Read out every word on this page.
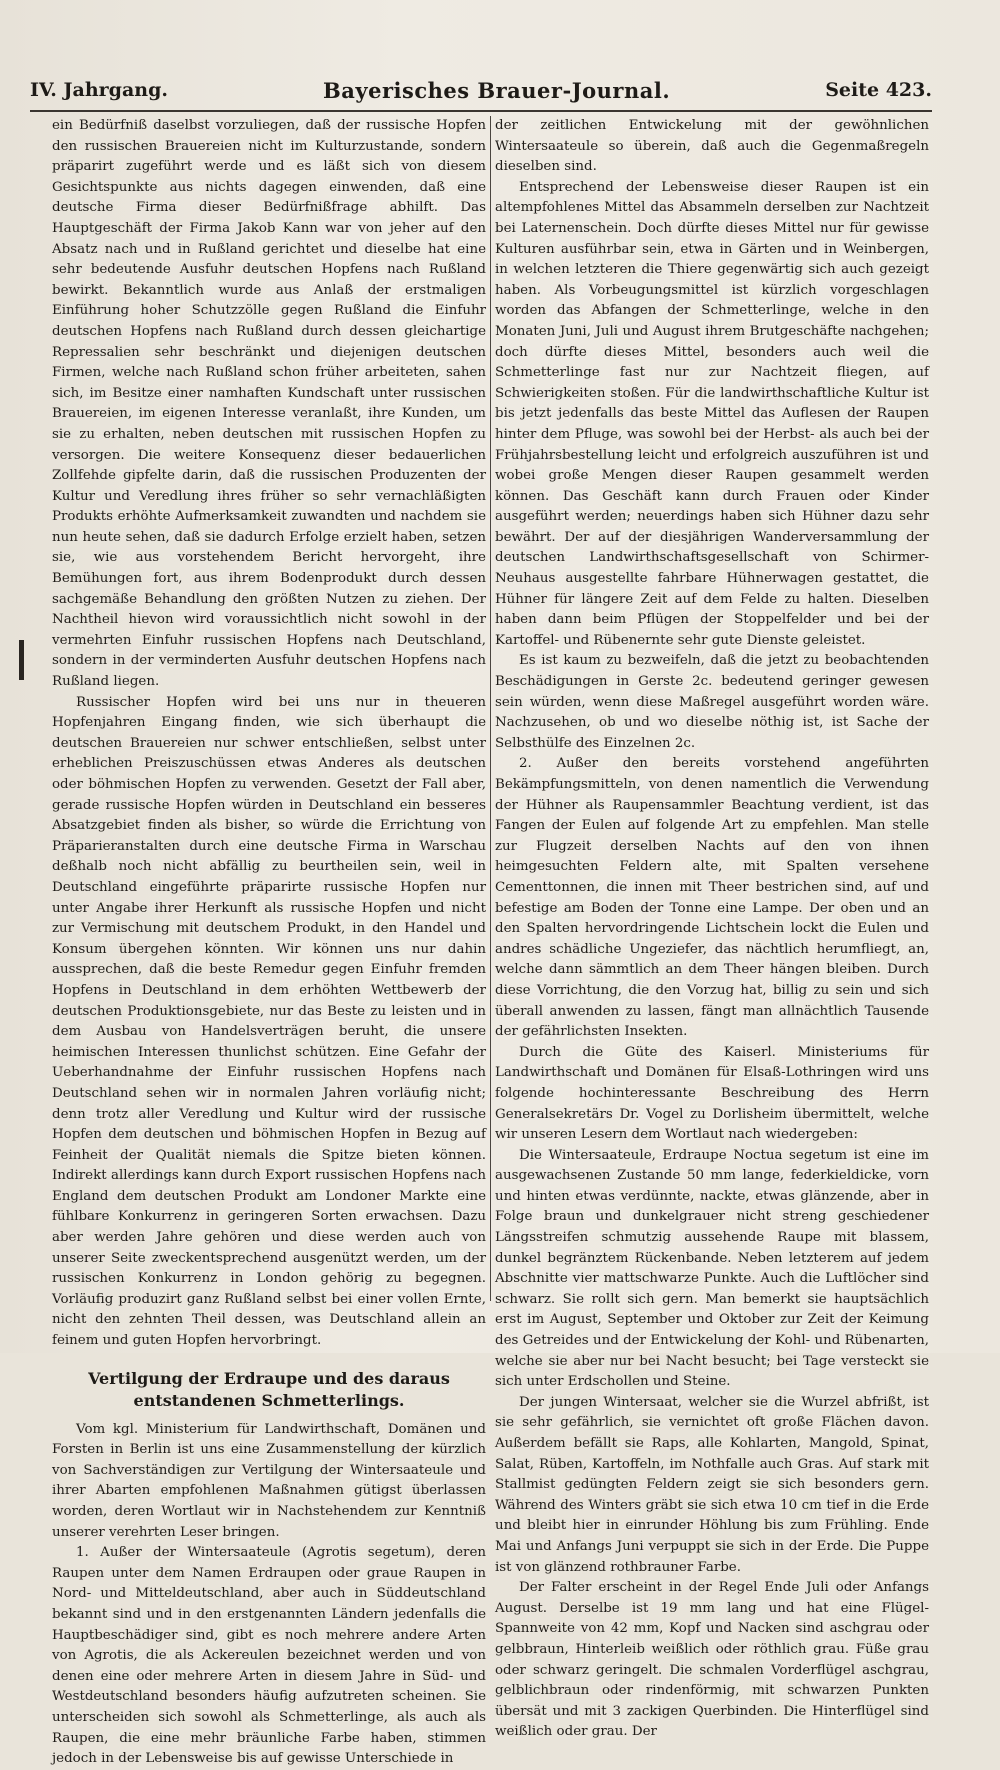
IV. Jahrgang.	Bayerisches Brauer-Journal.	Seite 423.

ein Bedürfniß daselbst vorzuliegen, daß der russische Hopfen den russischen Brauereien nicht im Kulturzustande, sondern präparirt zugeführt werde und es läßt sich von diesem Gesichtspunkte aus nichts dagegen einwenden, daß eine deutsche Firma dieser Bedürfnißfrage abhilft. Das Hauptgeschäft der Firma Jakob Kann war von jeher auf den Absatz nach und in Rußland gerichtet und dieselbe hat eine sehr bedeutende Ausfuhr deutschen Hopfens nach Rußland bewirkt. Bekanntlich wurde aus Anlaß der erstmaligen Einführung hoher Schutzzölle gegen Rußland die Einfuhr deutschen Hopfens nach Rußland durch dessen gleichartige Repressalien sehr beschränkt und diejenigen deutschen Firmen, welche nach Rußland schon früher arbeiteten, sahen sich, im Besitze einer namhaften Kundschaft unter russischen Brauereien, im eigenen Interesse veranlaßt, ihre Kunden, um sie zu erhalten, neben deutschen mit russischen Hopfen zu versorgen. Die weitere Konsequenz dieser bedauerlichen Zollfehde gipfelte darin, daß die russischen Produzenten der Kultur und Veredlung ihres früher so sehr vernachläßigten Produkts erhöhte Aufmerksamkeit zuwandten und nachdem sie nun heute sehen, daß sie dadurch Erfolge erzielt haben, setzen sie, wie aus vorstehendem Bericht hervorgeht, ihre Bemühungen fort, aus ihrem Bodenprodukt durch dessen sachgemäße Behandlung den größten Nutzen zu ziehen. Der Nachtheil hievon wird voraussichtlich nicht sowohl in der vermehrten Einfuhr russischen Hopfens nach Deutschland, sondern in der verminderten Ausfuhr deutschen Hopfens nach Rußland liegen.

Russischer Hopfen wird bei uns nur in theueren Hopfenjahren Eingang finden, wie sich überhaupt die deutschen Brauereien nur schwer entschließen, selbst unter erheblichen Preiszuschüssen etwas Anderes als deutschen oder böhmischen Hopfen zu verwenden. Gesetzt der Fall aber, gerade russische Hopfen würden in Deutschland ein besseres Absatzgebiet finden als bisher, so würde die Errichtung von Präparieranstalten durch eine deutsche Firma in Warschau deßhalb noch nicht abfällig zu beurtheilen sein, weil in Deutschland eingeführte präparirte russische Hopfen nur unter Angabe ihrer Herkunft als russische Hopfen und nicht zur Vermischung mit deutschem Produkt, in den Handel und Konsum übergehen könnten. Wir können uns nur dahin aussprechen, daß die beste Remedur gegen Einfuhr fremden Hopfens in Deutschland in dem erhöhten Wettbewerb der deutschen Produktionsgebiete, nur das Beste zu leisten und in dem Ausbau von Handelsverträgen beruht, die unsere heimischen Interessen thunlichst schützen. Eine Gefahr der Ueberhandnahme der Einfuhr russischen Hopfens nach Deutschland sehen wir in normalen Jahren vorläufig nicht; denn trotz aller Veredlung und Kultur wird der russische Hopfen dem deutschen und böhmischen Hopfen in Bezug auf Feinheit der Qualität niemals die Spitze bieten können. Indirekt allerdings kann durch Export russischen Hopfens nach England dem deutschen Produkt am Londoner Markte eine fühlbare Konkurrenz in geringeren Sorten erwachsen. Dazu aber werden Jahre gehören und diese werden auch von unserer Seite zweckentsprechend ausgenützt werden, um der russischen Konkurrenz in London gehörig zu begegnen. Vorläufig produzirt ganz Rußland selbst bei einer vollen Ernte, nicht den zehnten Theil dessen, was Deutschland allein an feinem und guten Hopfen hervorbringt.

Vertilgung der Erdraupe und des daraus entstandenen Schmetterlings.

Vom kgl. Ministerium für Landwirthschaft, Domänen und Forsten in Berlin ist uns eine Zusammenstellung der kürzlich von Sachverständigen zur Vertilgung der Wintersaateule und ihrer Abarten empfohlenen Maßnahmen gütigst überlassen worden, deren Wortlaut wir in Nachstehendem zur Kenntniß unserer verehrten Leser bringen.

1. Außer der Wintersaateule (Agrotis segetum), deren Raupen unter dem Namen Erdraupen oder graue Raupen in Nord- und Mitteldeutschland, aber auch in Süddeutschland bekannt sind und in den erstgenannten Ländern jedenfalls die Hauptbeschädiger sind, gibt es noch mehrere andere Arten von Agrotis, die als Ackereulen bezeichnet werden und von denen eine oder mehrere Arten in diesem Jahre in Süd- und Westdeutschland besonders häufig aufzutreten scheinen. Sie unterscheiden sich sowohl als Schmetterlinge, als auch als Raupen, die eine mehr bräunliche Farbe haben, stimmen jedoch in der Lebensweise bis auf gewisse Unterschiede in

der zeitlichen Entwickelung mit der gewöhnlichen Wintersaateule so überein, daß auch die Gegenmaßregeln dieselben sind.

Entsprechend der Lebensweise dieser Raupen ist ein altempfohlenes Mittel das Absammeln derselben zur Nachtzeit bei Laternenschein. Doch dürfte dieses Mittel nur für gewisse Kulturen ausführbar sein, etwa in Gärten und in Weinbergen, in welchen letzteren die Thiere gegenwärtig sich auch gezeigt haben. Als Vorbeugungsmittel ist kürzlich vorgeschlagen worden das Abfangen der Schmetterlinge, welche in den Monaten Juni, Juli und August ihrem Brutgeschäfte nachgehen; doch dürfte dieses Mittel, besonders auch weil die Schmetterlinge fast nur zur Nachtzeit fliegen, auf Schwierigkeiten stoßen. Für die landwirthschaftliche Kultur ist bis jetzt jedenfalls das beste Mittel das Auflesen der Raupen hinter dem Pfluge, was sowohl bei der Herbst- als auch bei der Frühjahrsbestellung leicht und erfolgreich auszuführen ist und wobei große Mengen dieser Raupen gesammelt werden können. Das Geschäft kann durch Frauen oder Kinder ausgeführt werden; neuerdings haben sich Hühner dazu sehr bewährt. Der auf der diesjährigen Wanderversammlung der deutschen Landwirthschaftsgesellschaft von Schirmer-Neuhaus ausgestellte fahrbare Hühnerwagen gestattet, die Hühner für längere Zeit auf dem Felde zu halten. Dieselben haben dann beim Pflügen der Stoppelfelder und bei der Kartoffel- und Rübenernte sehr gute Dienste geleistet.

Es ist kaum zu bezweifeln, daß die jetzt zu beobachtenden Beschädigungen in Gerste 2c. bedeutend geringer gewesen sein würden, wenn diese Maßregel ausgeführt worden wäre. Nachzusehen, ob und wo dieselbe nöthig ist, ist Sache der Selbsthülfe des Einzelnen 2c.

2. Außer den bereits vorstehend angeführten Bekämpfungsmitteln, von denen namentlich die Verwendung der Hühner als Raupensammler Beachtung verdient, ist das Fangen der Eulen auf folgende Art zu empfehlen. Man stelle zur Flugzeit derselben Nachts auf den von ihnen heimgesuchten Feldern alte, mit Spalten versehene Cementtonnen, die innen mit Theer bestrichen sind, auf und befestige am Boden der Tonne eine Lampe. Der oben und an den Spalten hervordringende Lichtschein lockt die Eulen und andres schädliche Ungeziefer, das nächtlich herumfliegt, an, welche dann sämmtlich an dem Theer hängen bleiben. Durch diese Vorrichtung, die den Vorzug hat, billig zu sein und sich überall anwenden zu lassen, fängt man allnächtlich Tausende der gefährlichsten Insekten.

Durch die Güte des Kaiserl. Ministeriums für Landwirthschaft und Domänen für Elsaß-Lothringen wird uns folgende hochinteressante Beschreibung des Herrn Generalsekretärs Dr. Vogel zu Dorlisheim übermittelt, welche wir unseren Lesern dem Wortlaut nach wiedergeben:

Die Wintersaateule, Erdraupe Noctua segetum ist eine im ausgewachsenen Zustande 50 mm lange, federkieldicke, vorn und hinten etwas verdünnte, nackte, etwas glänzende, aber in Folge braun und dunkelgrauer nicht streng geschiedener Längsstreifen schmutzig aussehende Raupe mit blassem, dunkel begränztem Rückenbande. Neben letzterem auf jedem Abschnitte vier mattschwarze Punkte. Auch die Luftlöcher sind schwarz. Sie rollt sich gern. Man bemerkt sie hauptsächlich erst im August, September und Oktober zur Zeit der Keimung des Getreides und der Entwickelung der Kohl- und Rübenarten, welche sie aber nur bei Nacht besucht; bei Tage versteckt sie sich unter Erdschollen und Steine.

Der jungen Wintersaat, welcher sie die Wurzel abfrißt, ist sie sehr gefährlich, sie vernichtet oft große Flächen davon. Außerdem befällt sie Raps, alle Kohlarten, Mangold, Spinat, Salat, Rüben, Kartoffeln, im Nothfalle auch Gras. Auf stark mit Stallmist gedüngten Feldern zeigt sie sich besonders gern. Während des Winters gräbt sie sich etwa 10 cm tief in die Erde und bleibt hier in einrunder Höhlung bis zum Frühling. Ende Mai und Anfangs Juni verpuppt sie sich in der Erde. Die Puppe ist von glänzend rothbrauner Farbe.

Der Falter erscheint in der Regel Ende Juli oder Anfangs August. Derselbe ist 19 mm lang und hat eine Flügel-Spannweite von 42 mm, Kopf und Nacken sind aschgrau oder gelbbraun, Hinterleib weißlich oder röthlich grau. Füße grau oder schwarz geringelt. Die schmalen Vorderflügel aschgrau, gelblichbraun oder rindenförmig, mit schwarzen Punkten übersät und mit 3 zackigen Querbinden. Die Hinterflügel sind weißlich oder grau. Der
